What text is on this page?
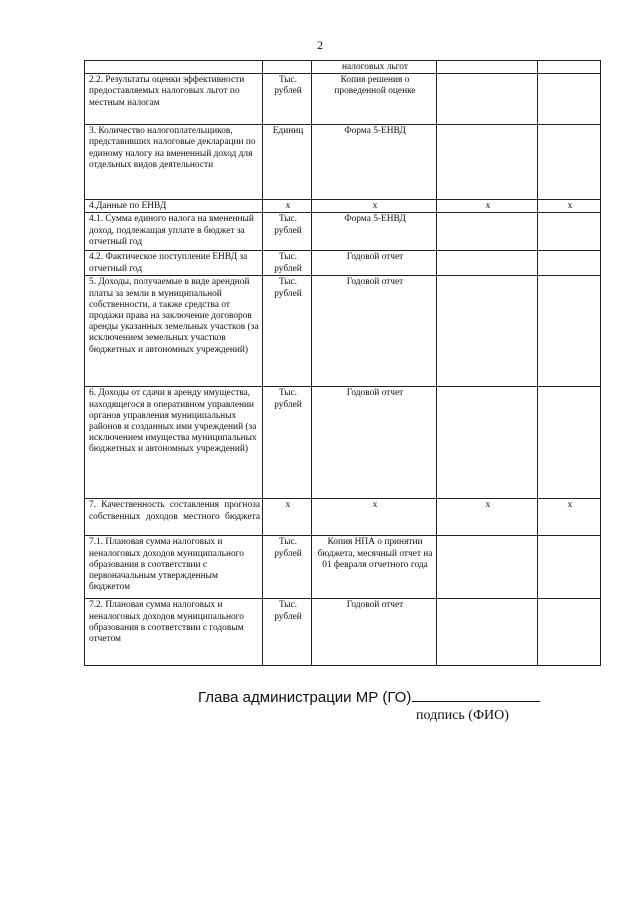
2
		налоговых льгот		
2.2. Результаты оценки эффективности предоставляемых налоговых льгот по местным налогам	Тыс. рублей	Копия решения о проведенной оценке		
3. Количество налогоплательщиков, представивших налоговые декларации по единому налогу на вмененный доход для отдельных видов деятельности	Единиц	Форма 5-ЕНВД		
4.Данные по ЕНВД	х	х	х	х
4.1. Сумма единого налога на вмененный доход, подлежащая уплате в бюджет за отчетный год	Тыс. рублей	Форма 5-ЕНВД		
4.2. Фактическое поступление ЕНВД за отчетный год	Тыс. рублей	Годовой отчет		
5. Доходы, получаемые в виде арендной платы за земли в муниципальной собственности, а также средства от продажи права на заключение договоров аренды указанных земельных участков (за исключением земельных участков бюджетных и автономных учреждений)	Тыс. рублей	Годовой отчет		
6. Доходы от сдачи в аренду имущества, находящегося в оперативном управлении органов управления муниципальных районов и созданных ими учреждений (за исключением имущества муниципальных бюджетных и автономных учреждений)	Тыс. рублей	Годовой отчет		
7. Качественность составления прогноза собственных доходов местного бюджета	х	х	х	х
7.1. Плановая сумма налоговых и неналоговых доходов муниципального образования в соответствии с первоначальным утвержденным бюджетом	Тыс. рублей	Копия НПА о принятии бюджета, месячный отчет на 01 февраля отчетного года		
7.2. Плановая сумма налоговых и неналоговых доходов муниципального образования в соответствии с годовым отчетом	Тыс. рублей	Годовой отчет		
Глава администрации МР (ГО)
подпись (ФИО)
